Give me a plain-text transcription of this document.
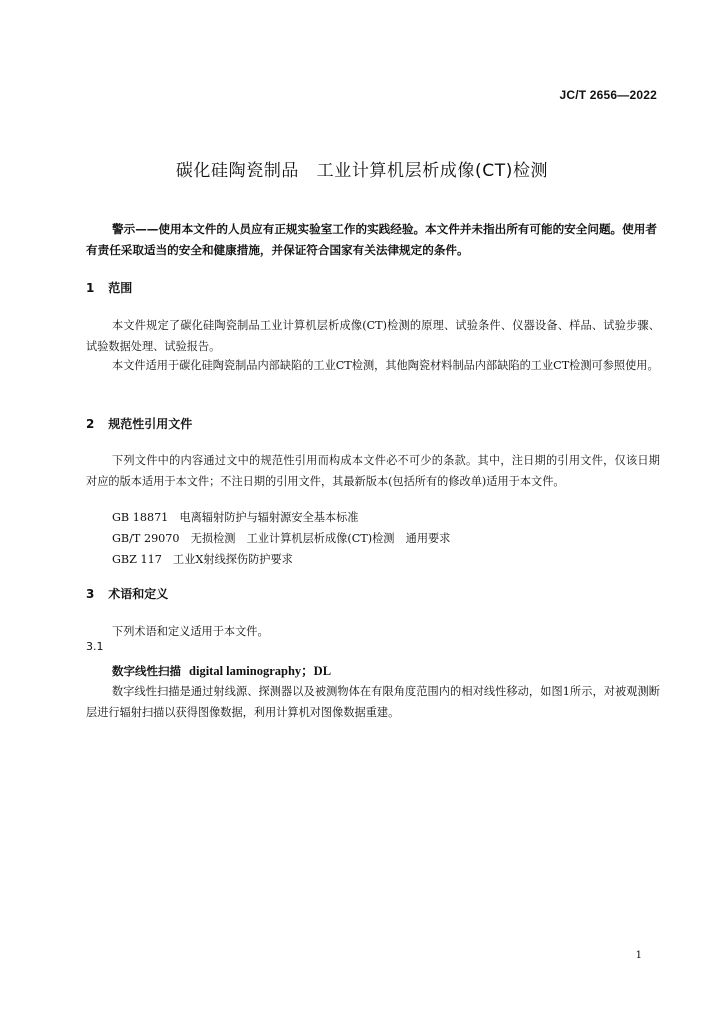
JC/T 2656—2022
碳化硅陶瓷制品　工业计算机层析成像(CT)检测

警示——使用本文件的人员应有正规实验室工作的实践经验。本文件并未指出所有可能的安全问题。使用者有责任采取适当的安全和健康措施，并保证符合国家有关法律规定的条件。

1 范围

本文件规定了碳化硅陶瓷制品工业计算机层析成像(CT)检测的原理、试验条件、仪器设备、样品、试验步骤、试验数据处理、试验报告。

本文件适用于碳化硅陶瓷制品内部缺陷的工业CT检测，其他陶瓷材料制品内部缺陷的工业CT检测可参照使用。

2 规范性引用文件

下列文件中的内容通过文中的规范性引用而构成本文件必不可少的条款。其中，注日期的引用文件，仅该日期对应的版本适用于本文件；不注日期的引用文件，其最新版本(包括所有的修改单)适用于本文件。

GB 18871　电离辐射防护与辐射源安全基本标准
GB/T 29070　无损检测　工业计算机层析成像(CT)检测　通用要求
GBZ 117　工业X射线探伤防护要求
3 术语和定义

下列术语和定义适用于本文件。

3.1
数字线性扫描 digital laminography；DL

数字线性扫描是通过射线源、探测器以及被测物体在有限角度范围内的相对线性移动，如图1所示，对被观测断层进行辐射扫描以获得图像数据，利用计算机对图像数据重建。

1
